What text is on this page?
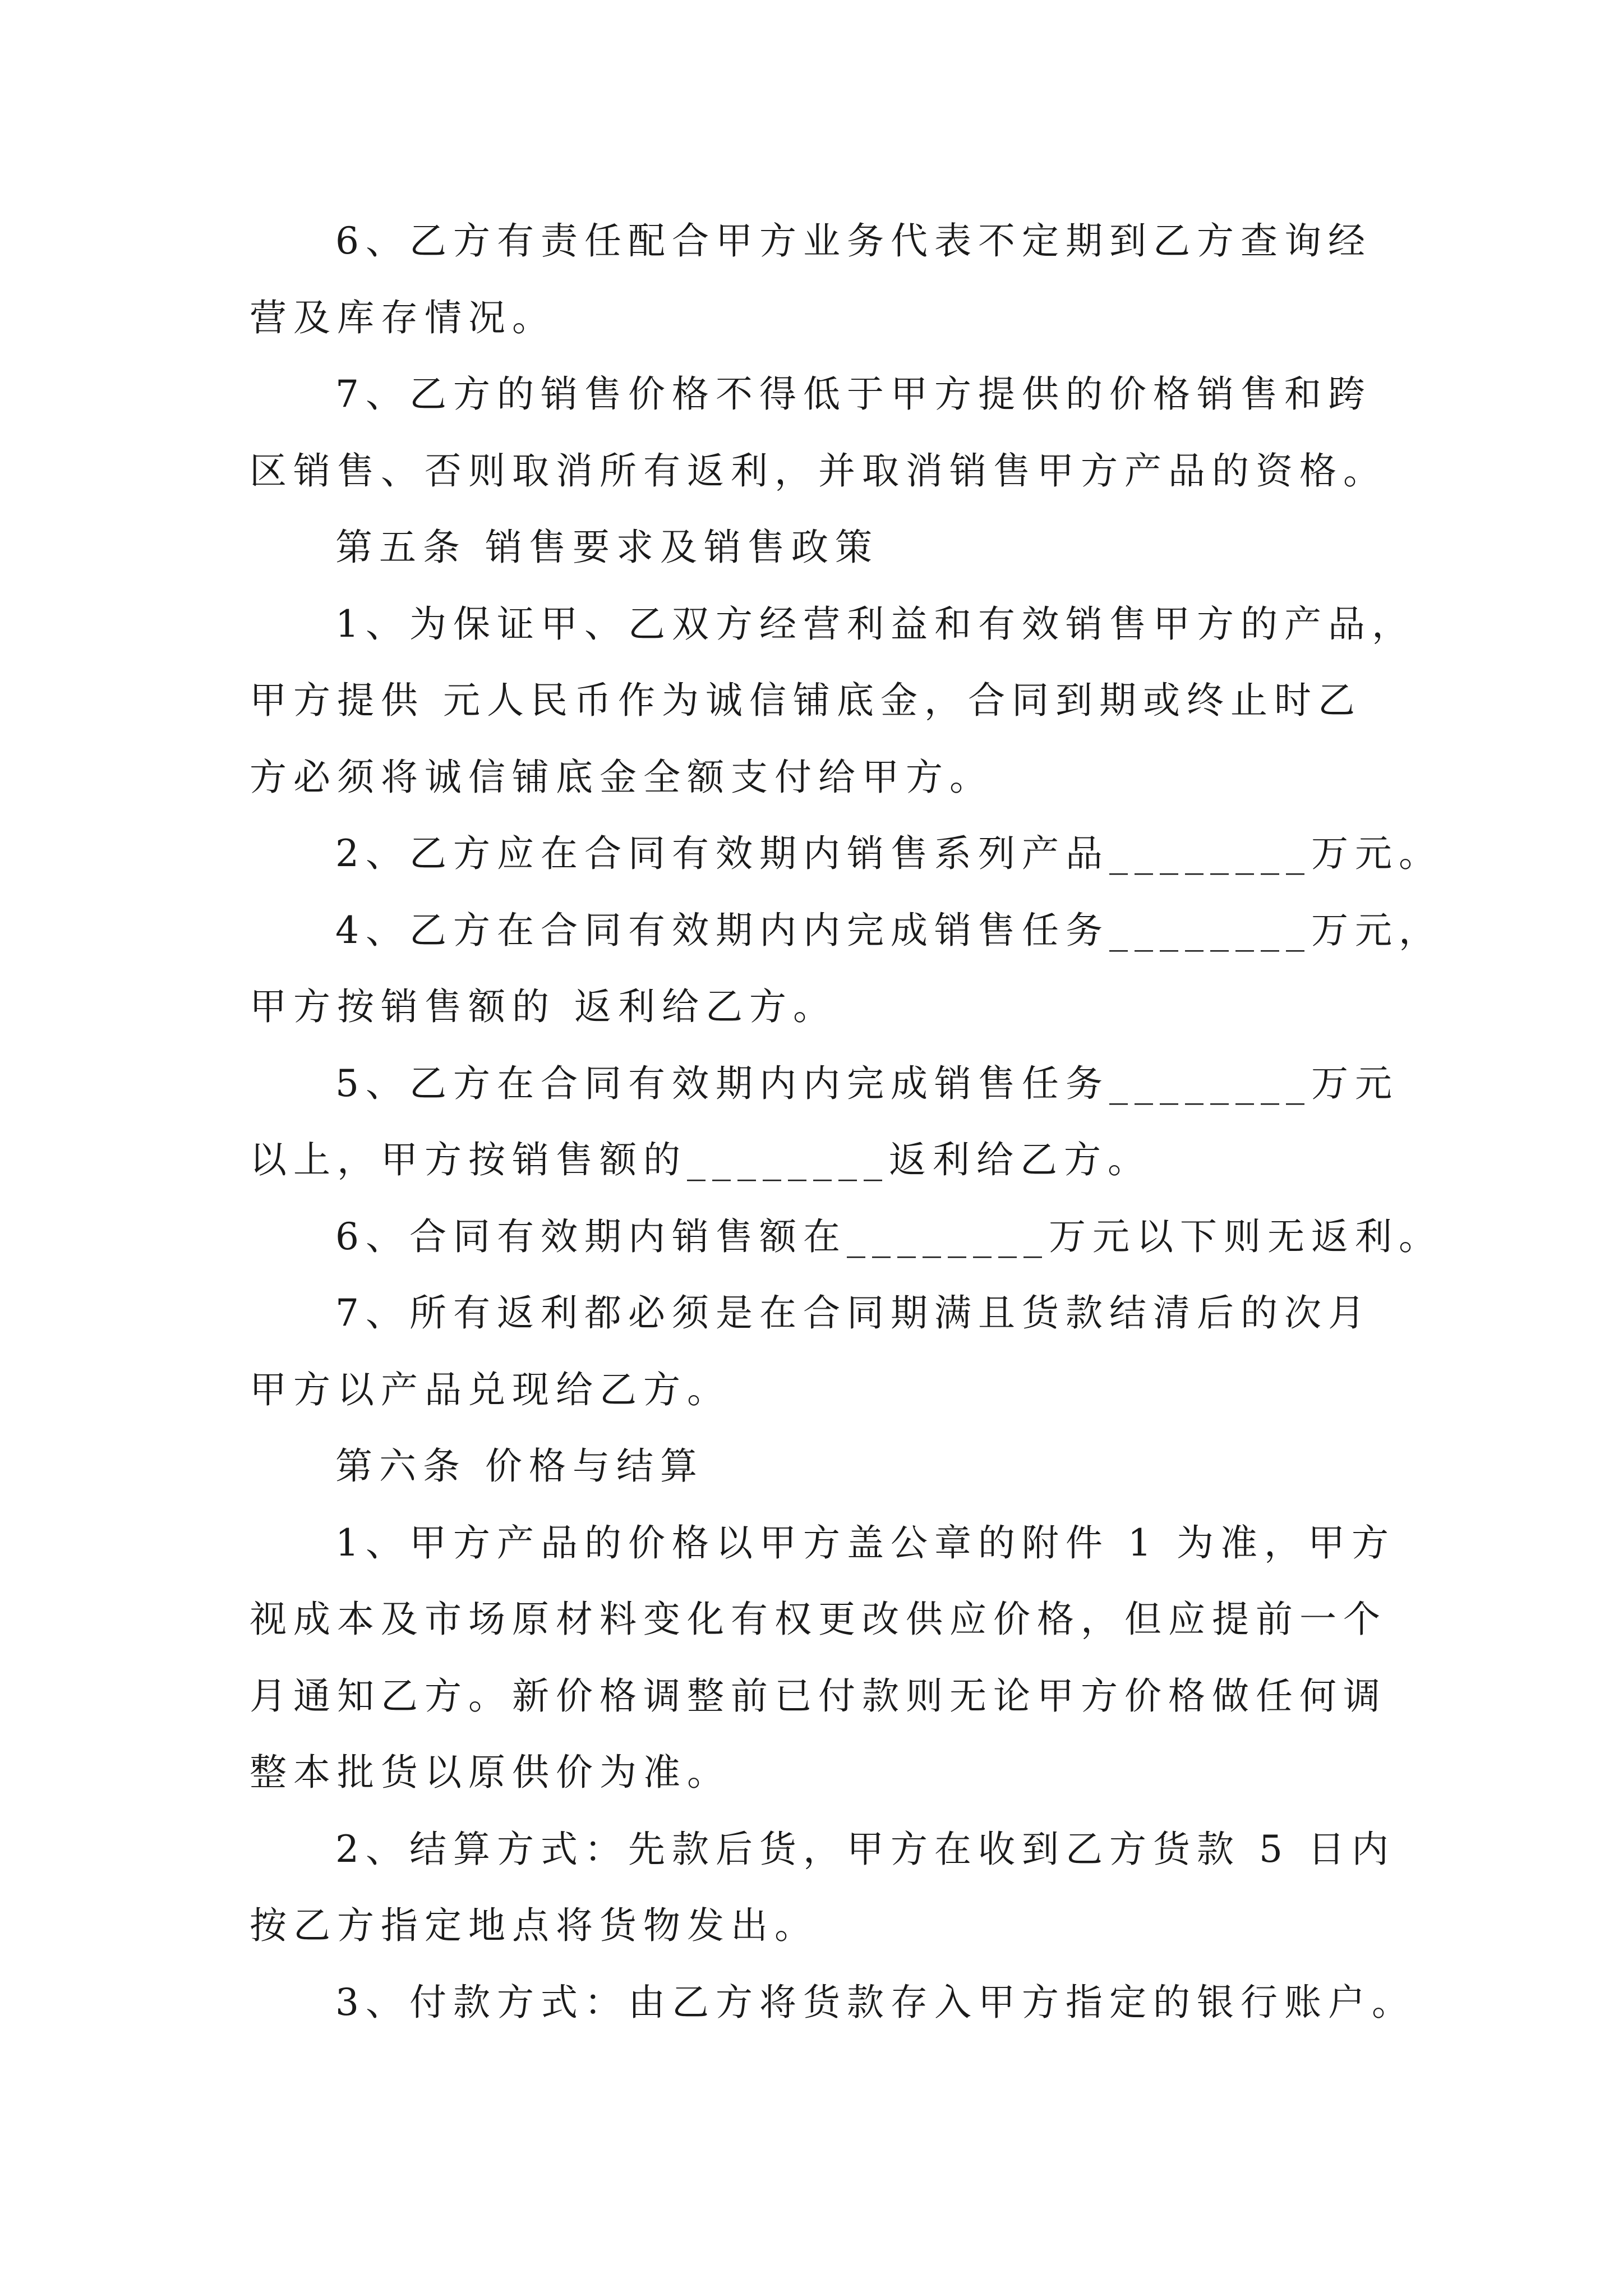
6、乙方有责任配合甲方业务代表不定期到乙方查询经

营及库存情况。

7、乙方的销售价格不得低于甲方提供的价格销售和跨

区销售、否则取消所有返利，并取消销售甲方产品的资格。

第五条 销售要求及销售政策

1、为保证甲、乙双方经营利益和有效销售甲方的产品，

甲方提供 元人民币作为诚信铺底金，合同到期或终止时乙

方必须将诚信铺底金全额支付给甲方。

2、乙方应在合同有效期内销售系列产品________万元。

4、乙方在合同有效期内内完成销售任务________万元，

甲方按销售额的 返利给乙方。

5、乙方在合同有效期内内完成销售任务________万元

以上，甲方按销售额的________返利给乙方。

6、合同有效期内销售额在________万元以下则无返利。

7、所有返利都必须是在合同期满且货款结清后的次月

甲方以产品兑现给乙方。

第六条 价格与结算

1、甲方产品的价格以甲方盖公章的附件 1 为准，甲方

视成本及市场原材料变化有权更改供应价格，但应提前一个

月通知乙方。新价格调整前已付款则无论甲方价格做任何调

整本批货以原供价为准。

2、结算方式：先款后货，甲方在收到乙方货款 5 日内

按乙方指定地点将货物发出。

3、付款方式：由乙方将货款存入甲方指定的银行账户。
